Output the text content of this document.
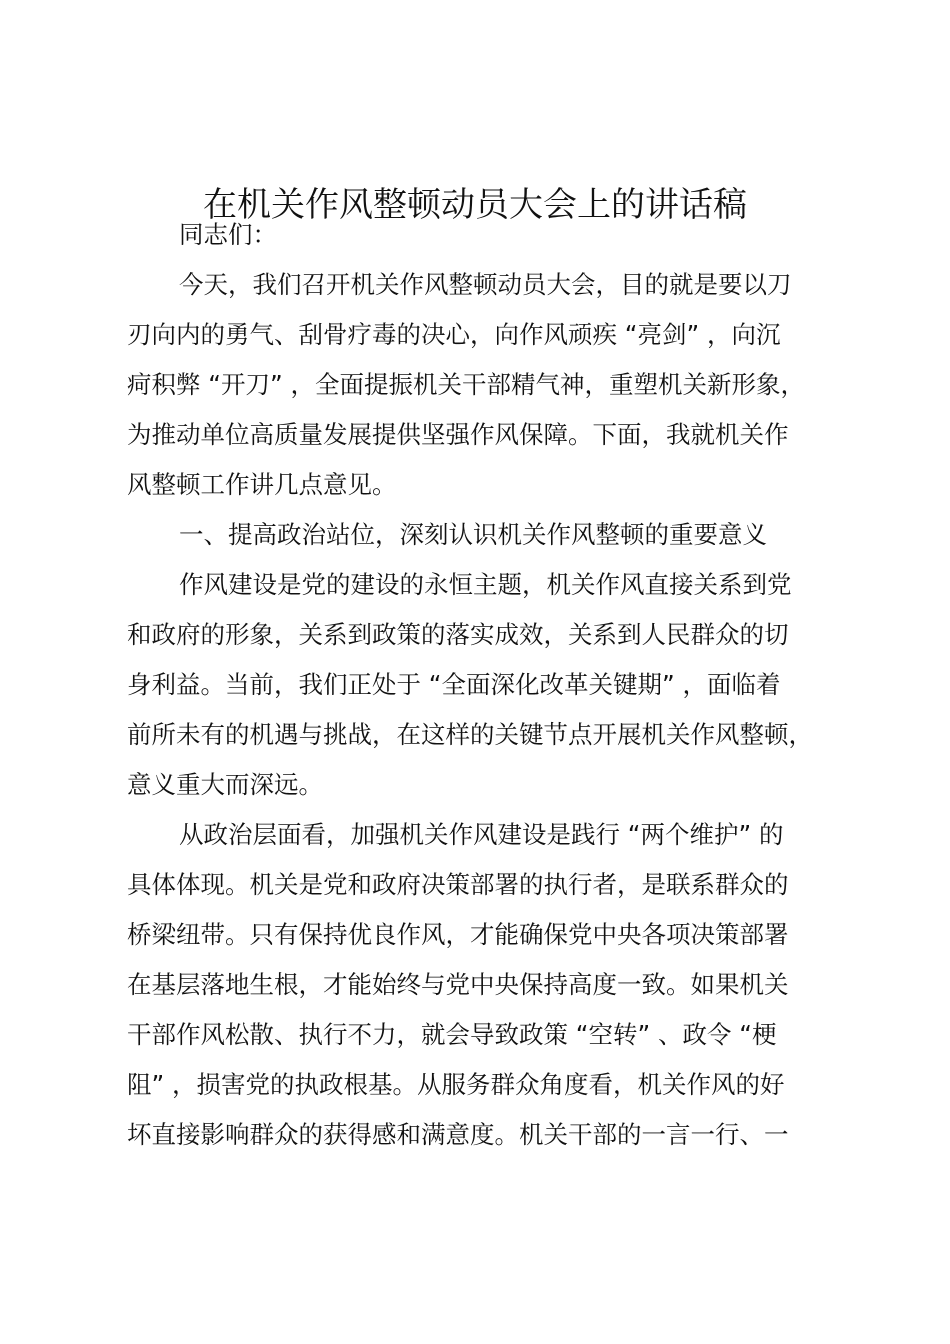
在机关作风整顿动员大会上的讲话稿
同志们：
今天，我们召开机关作风整顿动员大会，目的就是要以刀
刃向内的勇气、刮骨疗毒的决心，向作风顽疾 “亮剑” ，向沉
疴积弊 “开刀” ，全面提振机关干部精气神，重塑机关新形象，
为推动单位高质量发展提供坚强作风保障。下面，我就机关作
风整顿工作讲几点意见。
一、提高政治站位，深刻认识机关作风整顿的重要意义
作风建设是党的建设的永恒主题，机关作风直接关系到党
和政府的形象，关系到政策的落实成效，关系到人民群众的切
身利益。当前，我们正处于 “全面深化改革关键期” ，面临着
前所未有的机遇与挑战，在这样的关键节点开展机关作风整顿，
意义重大而深远。
从政治层面看，加强机关作风建设是践行 “两个维护” 的
具体体现。机关是党和政府决策部署的执行者，是联系群众的
桥梁纽带。只有保持优良作风，才能确保党中央各项决策部署
在基层落地生根，才能始终与党中央保持高度一致。如果机关
干部作风松散、执行不力，就会导致政策 “空转” 、政令 “梗
阻” ，损害党的执政根基。从服务群众角度看，机关作风的好
坏直接影响群众的获得感和满意度。机关干部的一言一行、一
